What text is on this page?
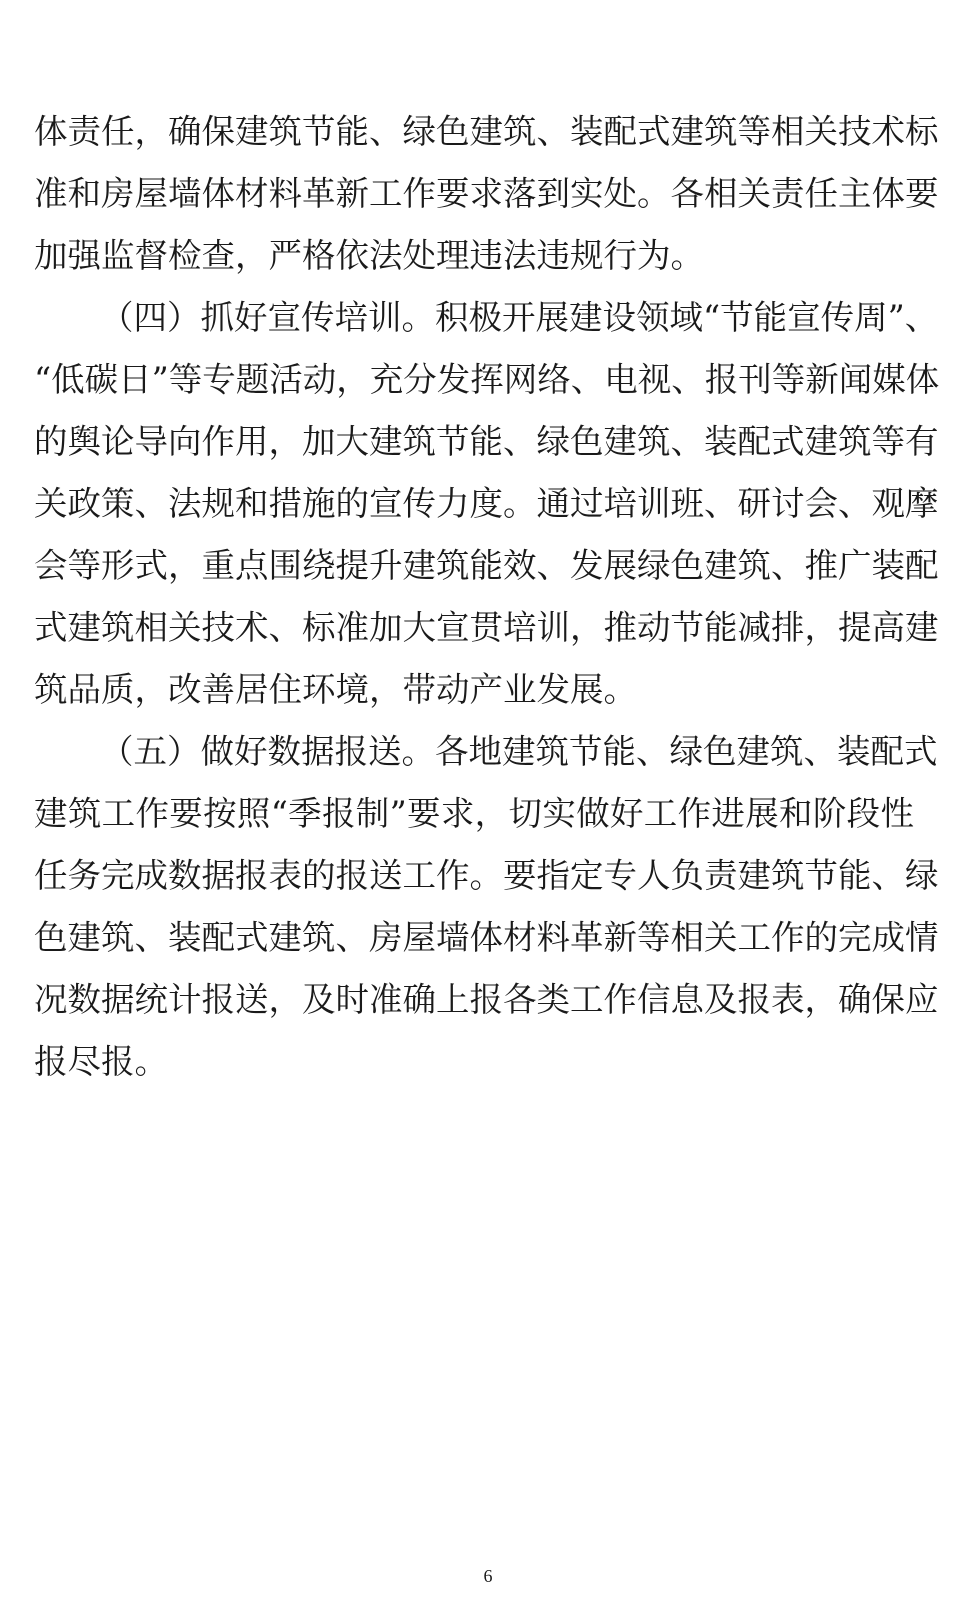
体责任，确保建筑节能、绿色建筑、装配式建筑等相关技术标
准和房屋墙体材料革新工作要求落到实处。各相关责任主体要
加强监督检查，严格依法处理违法违规行为。
（四）抓好宣传培训。积极开展建设领域“节能宣传周”、
“低碳日”等专题活动，充分发挥网络、电视、报刊等新闻媒体
的舆论导向作用，加大建筑节能、绿色建筑、装配式建筑等有
关政策、法规和措施的宣传力度。通过培训班、研讨会、观摩
会等形式，重点围绕提升建筑能效、发展绿色建筑、推广装配
式建筑相关技术、标准加大宣贯培训，推动节能减排，提高建
筑品质，改善居住环境，带动产业发展。
（五）做好数据报送。各地建筑节能、绿色建筑、装配式
建筑工作要按照“季报制”要求，切实做好工作进展和阶段性
任务完成数据报表的报送工作。要指定专人负责建筑节能、绿
色建筑、装配式建筑、房屋墙体材料革新等相关工作的完成情
况数据统计报送，及时准确上报各类工作信息及报表，确保应
报尽报。
6
